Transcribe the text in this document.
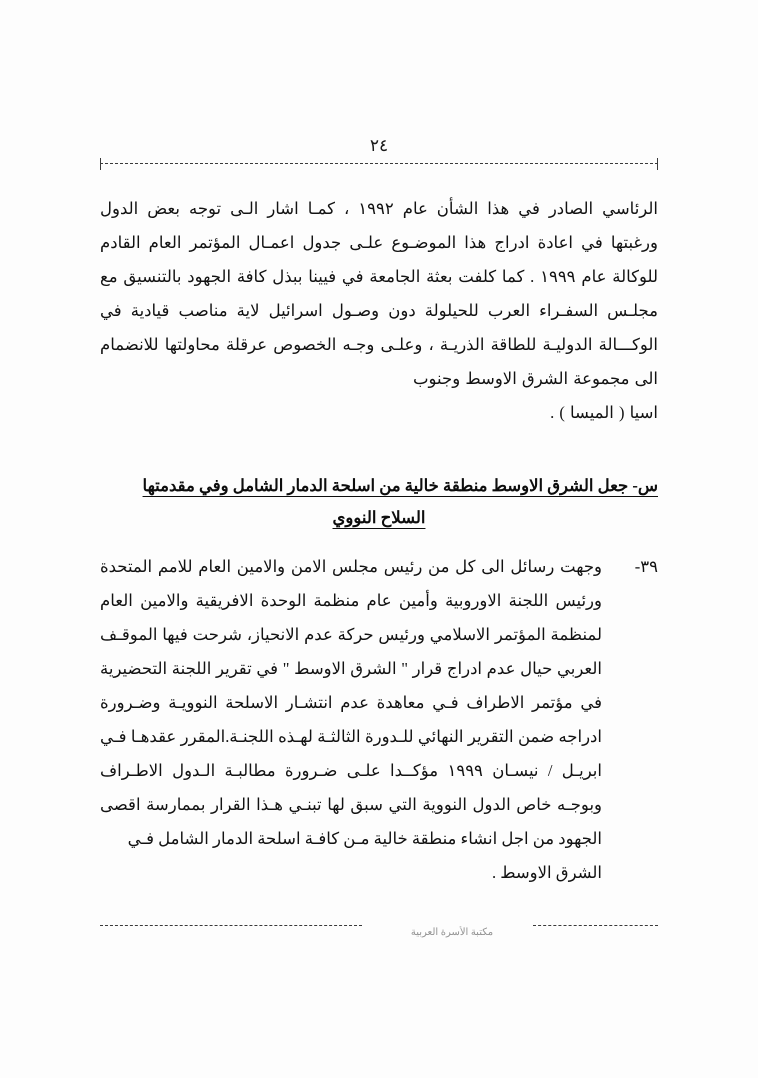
٢٤

الرئاسي الصادر في هذا الشأن عام ١٩٩٢ ، كمـا اشار الـى توجه بعض الدول ورغبتها في اعادة ادراج هذا الموضـوع علـى جدول اعمـال المؤتمر العام القادم للوكالة عام ١٩٩٩ . كما كلفت بعثة الجامعة في فيينا ببذل كافة الجهود بالتنسيق مع مجلـس السفـراء العرب للحيلولة دون وصـول اسرائيل لاية مناصب قيادية في الوكـــالة الدوليـة للطاقة الذريـة ، وعلـى وجـه الخصوص عرقلة محاولتها للانضمام الى مجموعة الشرق الاوسط وجنوب

اسيا ( الميسا ) .

س- جعل الشرق الاوسط منطقة خالية من اسلحة الدمار الشامل وفي مقدمتها
السلاح النووي
٣٩-
وجهت رسائل الى كل من رئيس مجلس الامن والامين العام للامم المتحدة ورئيس اللجنة الاوروبية وأمين عام منظمة الوحدة الافريقية والامين العام لمنظمة المؤتمر الاسلامي ورئيس حركة عدم الانحياز، شرحت فيها الموقـف العربي حيال عدم ادراج قرار " الشرق الاوسط " في تقرير اللجنة التحضيرية في مؤتمر الاطراف فـي معاهدة عدم انتشـار الاسلحة النوويـة وضـرورة ادراجه ضمن التقرير النهائي للـدورة الثالثـة لهـذه اللجنـة.المقرر عقدهـا فـي ابريـل / نيسـان ١٩٩٩ مؤكــدا علـى ضـرورة مطالبـة الـدول الاطـراف وبوجـه خاص الدول النووية التي سبق لها تبنـي هـذا القرار بممارسة اقصى الجهود من اجل انشاء منطقة خالية مـن كافـة اسلحة الدمار الشامل فـي
الشرق الاوسط .
مكتبة الأسرة العربية
